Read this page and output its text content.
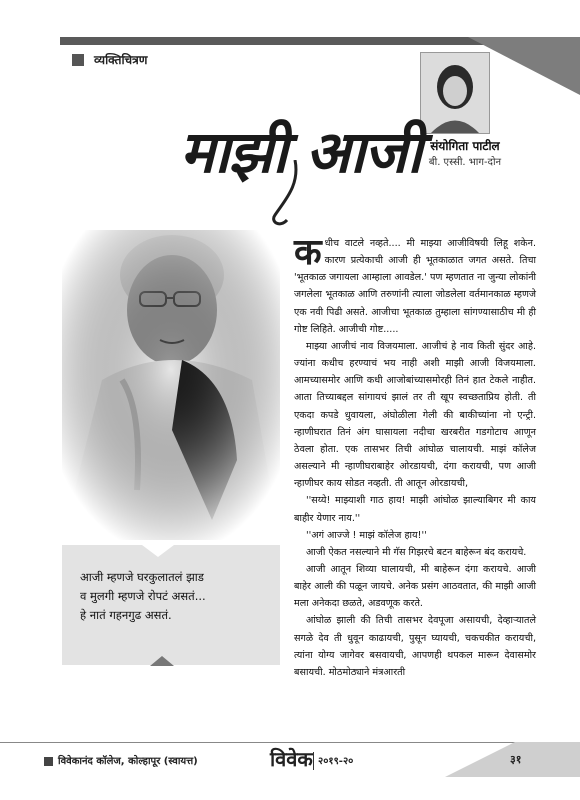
व्यक्तिचित्रण
संयोगिता पाटील
बी. एस्सी. भाग-दोन
माझी आजी
आजी म्हणजे घरकुलातलं झाड
व मुलगी म्हणजे रोपटं असतं...
हे नातं गहनगुढ असतं.

कधीच वाटले नव्हते.... मी माझ्या आजीविषयी लिहू शकेन. कारण प्रत्येकाची आजी ही भूतकाळात जगत असते. तिचा 'भूतकाळ जगायला आम्हाला आवडेल.' पण म्हणतात ना जुन्या लोकांनी जगलेला भूतकाळ आणि तरुणांनी त्याला जोडलेला वर्तमानकाळ म्हणजे एक नवी पिढी असते. आजीचा भूतकाळ तुम्हाला सांगण्यासाठीच मी ही गोष्ट लिहिते. आजीची गोष्ट.....

माझ्या आजीचं नाव विजयमाला. आजीचं हे नाव किती सुंदर आहे. ज्यांना कधीच हरण्याचं भय नाही अशी माझी आजी विजयमाला. आमच्यासमोर आणि कधी आजोबांच्यासमोरही तिनं हात टेकले नाहीत. आता तिच्याबद्दल सांगायचं झालं तर ती खूप स्वच्छताप्रिय होती. ती एकदा कपडे धुवायला, अंघोळीला गेली की बाकीच्यांना नो एन्ट्री. न्हाणीघरात तिनं अंग घासायला नदीचा खरबरीत गडगोटाच आणून ठेवला होता. एक तासभर तिची आंघोळ चालायची. माझं कॉलेज असल्याने मी न्हाणीघराबाहेर ओरडायची, दंगा करायची, पण आजी न्हाणीघर काय सोडत नव्हती. ती आतून ओरडायची,

''सय्ये! माझ्याशी गाठ हाय! माझी आंघोळ झाल्याबिगर मी काय बाहीर येणार नाय.''

''अगं आज्जे ! माझं कॉलेज हाय!''

आजी ऐकत नसल्याने मी गॅस गिझरचे बटन बाहेरून बंद करायचे.

आजी आतून शिव्या घालायची, मी बाहेरून दंगा करायचे. आजी बाहेर आली की पळून जायचे. अनेक प्रसंग आठवतात, की माझी आजी मला अनेकदा छळते, अडवणूक करते.

आंघोळ झाली की तिची तासभर देवपूजा असायची, देव्हाऱ्यातले सगळे देव ती धुवून काढायची, पुसून घ्यायची, चकचकीत करायची, त्यांना योग्य जागेवर बसवायची, आपणही थपकल मारून देवासमोर बसायची. मोठमोठ्याने मंत्रआरती

विवेकानंद कॉलेज, कोल्हापूर (स्वायत्त)	विवेक २०१९-२०	३१
